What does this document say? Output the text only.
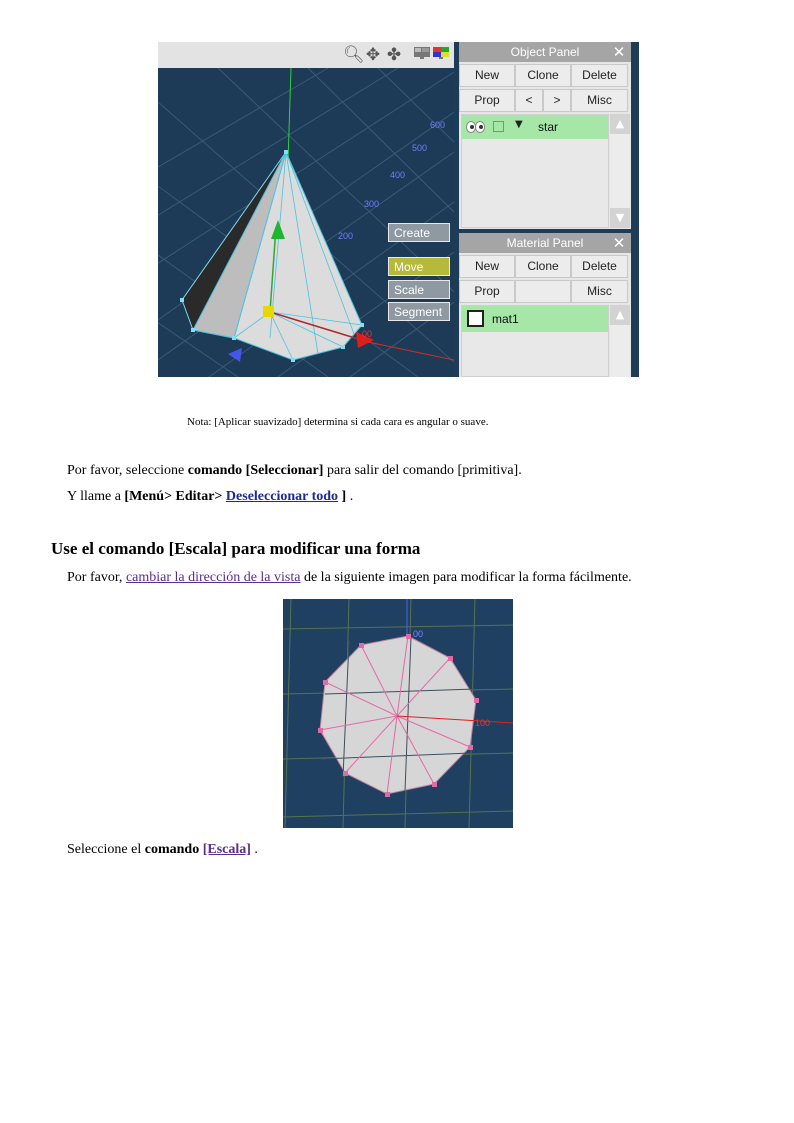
600
500
400
300
200
00
🔍︎ ✥ ✤
Create
Move
Scale
Segment
Object Panel ✕
New	Clone	Delete
Prop	<	>	Misc
▼ star	▲
▼
Material Panel ✕
New	Clone	Delete
Prop	Misc
mat1	▲
Nota: [Aplicar suavizado] determina si cada cara es angular o suave.
Por favor, seleccione comando [Seleccionar] para salir del comando [primitiva].
Y llame a [Menú> Editar> Deseleccionar todo ] .
Use el comando [Escala] para modificar una forma
Por favor, cambiar la dirección de la vista de la siguiente imagen para modificar la forma fácilmente.
00
100
Seleccione el comando [Escala] .
